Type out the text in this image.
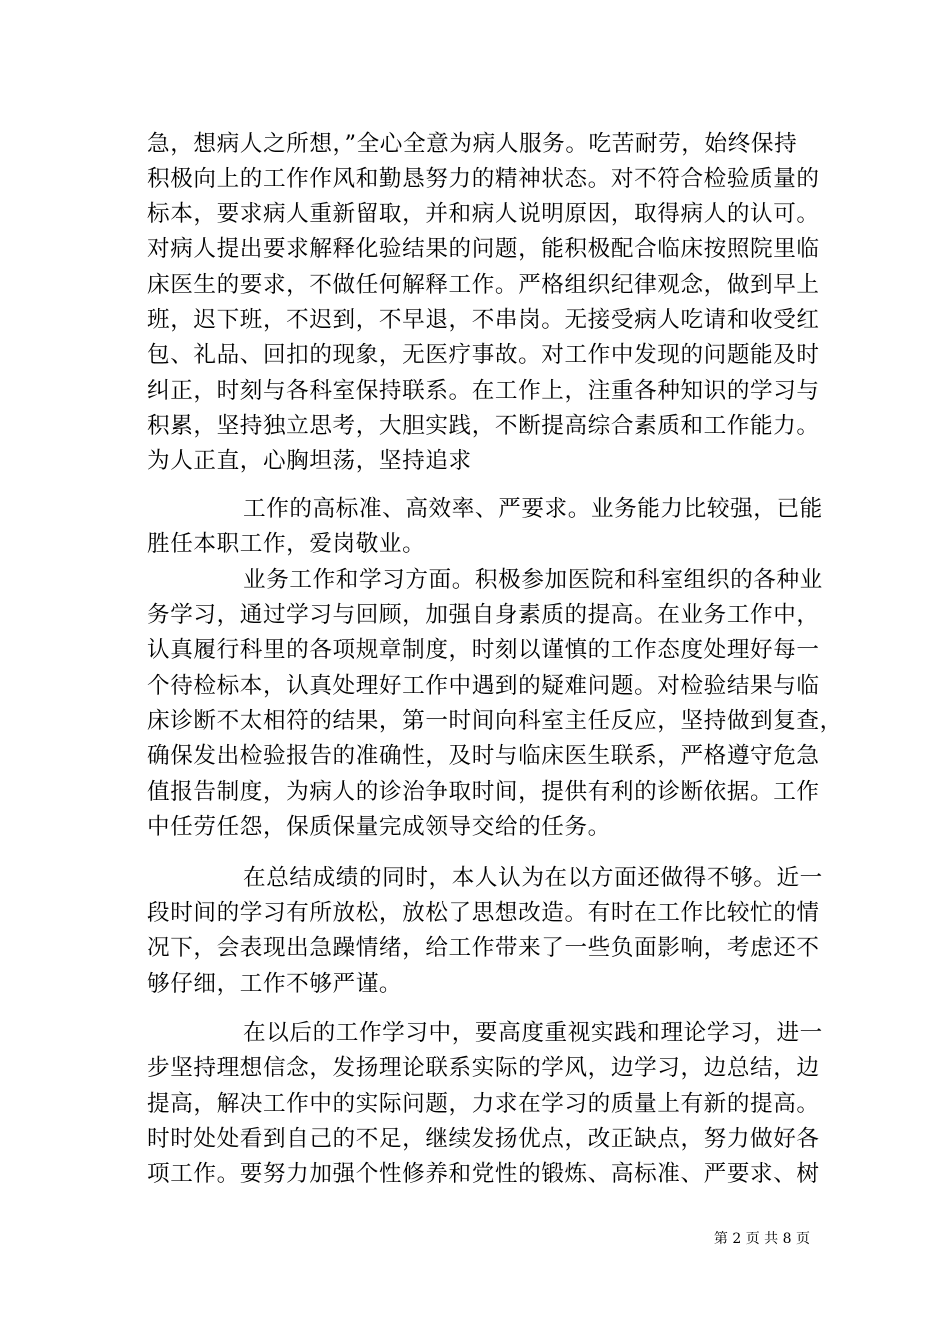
急，想病人之所想，”全心全意为病人服务。吃苦耐劳，始终保持
积极向上的工作作风和勤恳努力的精神状态。对不符合检验质量的
标本，要求病人重新留取，并和病人说明原因，取得病人的认可。
对病人提出要求解释化验结果的问题，能积极配合临床按照院里临
床医生的要求，不做任何解释工作。严格组织纪律观念，做到早上
班，迟下班，不迟到，不早退，不串岗。无接受病人吃请和收受红
包、礼品、回扣的现象，无医疗事故。对工作中发现的问题能及时
纠正，时刻与各科室保持联系。在工作上，注重各种知识的学习与
积累，坚持独立思考，大胆实践，不断提高综合素质和工作能力。
为人正直，心胸坦荡，坚持追求
工作的高标准、高效率、严要求。业务能力比较强，已能
胜任本职工作，爱岗敬业。
业务工作和学习方面。积极参加医院和科室组织的各种业
务学习，通过学习与回顾，加强自身素质的提高。在业务工作中，
认真履行科里的各项规章制度，时刻以谨慎的工作态度处理好每一
个待检标本，认真处理好工作中遇到的疑难问题。对检验结果与临
床诊断不太相符的结果，第一时间向科室主任反应，坚持做到复查，
确保发出检验报告的准确性，及时与临床医生联系，严格遵守危急
值报告制度，为病人的诊治争取时间，提供有利的诊断依据。工作
中任劳任怨，保质保量完成领导交给的任务。
在总结成绩的同时，本人认为在以方面还做得不够。近一
段时间的学习有所放松，放松了思想改造。有时在工作比较忙的情
况下，会表现出急躁情绪，给工作带来了一些负面影响，考虑还不
够仔细，工作不够严谨。
在以后的工作学习中，要高度重视实践和理论学习，进一
步坚持理想信念，发扬理论联系实际的学风，边学习，边总结，边
提高，解决工作中的实际问题，力求在学习的质量上有新的提高。
时时处处看到自己的不足，继续发扬优点，改正缺点，努力做好各
项工作。要努力加强个性修养和党性的锻炼、高标准、严要求、树
第 2 页 共 8 页
